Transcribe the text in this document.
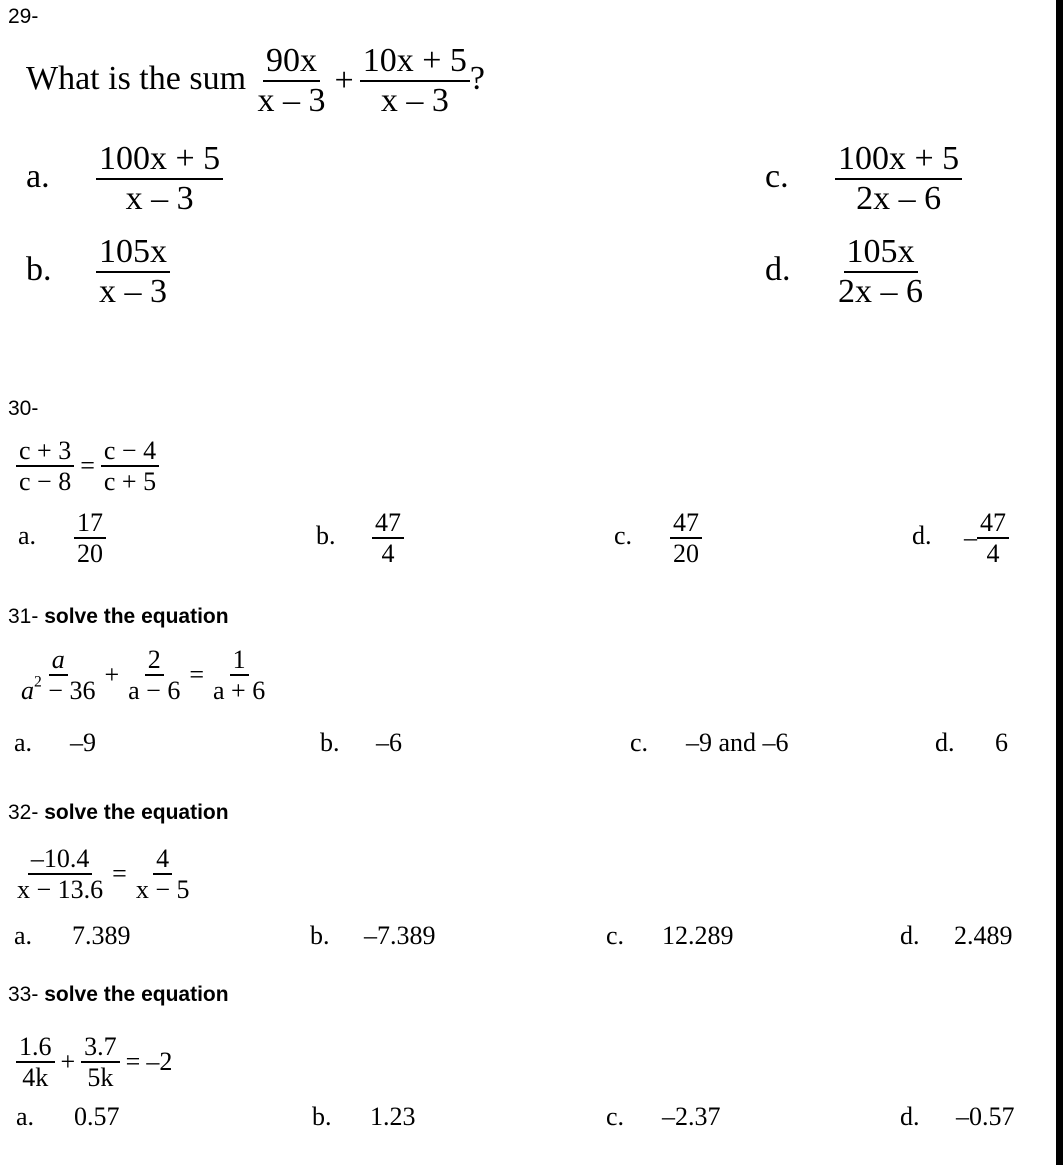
29-
What is the sum $\frac{90x}{x - 3} + \frac{10x + 5}{x - 3}$ ?
a. $\frac{100x + 5}{x - 3}$
b. $\frac{105x}{x - 3}$
c. $\frac{100x + 5}{2x - 6}$
d. $\frac{105x}{2x - 6}$
30-
$\frac{c + 3}{c - 8} = \frac{c - 4}{c + 5}$
a. $\frac{17}{20}$	b. $\frac{47}{4}$	c. $\frac{47}{20}$	d. – $\frac{47}{4}$
31- solve the equation
$\frac{a}{a^2 - 36} + \frac{2}{a - 6} = \frac{1}{a + 6}$
a. –9	b. –6	c. –9 and –6	d. 6
32- solve the equation
$\frac{-10.4}{x - 13.6} = \frac{4}{x - 5}$
a. 7.389	b. –7.389	c. 12.289	d. 2.489
33- solve the equation
$\frac{1.6}{4k} + \frac{3.7}{5k} = -2$
a. 0.57	b. 1.23	c. –2.37	d. –0.57
